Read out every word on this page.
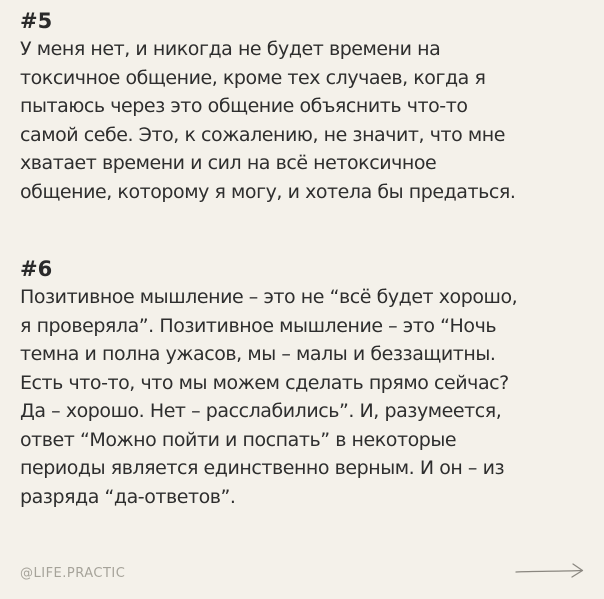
#5

У меня нет, и никогда не будет времени на
токсичное общение, кроме тех случаев, когда я
пытаюсь через это общение объяснить что-то
самой себе. Это, к сожалению, не значит, что мне
хватает времени и сил на всё нетоксичное
общение, которому я могу, и хотела бы предаться.

#6

Позитивное мышление – это не “всё будет хорошо,
я проверяла”. Позитивное мышление – это “Ночь
темна и полна ужасов, мы – малы и беззащитны.
Есть что-то, что мы можем сделать прямо сейчас?
Да – хорошо. Нет – расслабились”. И, разумеется,
ответ “Можно пойти и поспать” в некоторые
периоды является единственно верным. И он – из
разряда “да-ответов”.

@LIFE.PRACTIC
